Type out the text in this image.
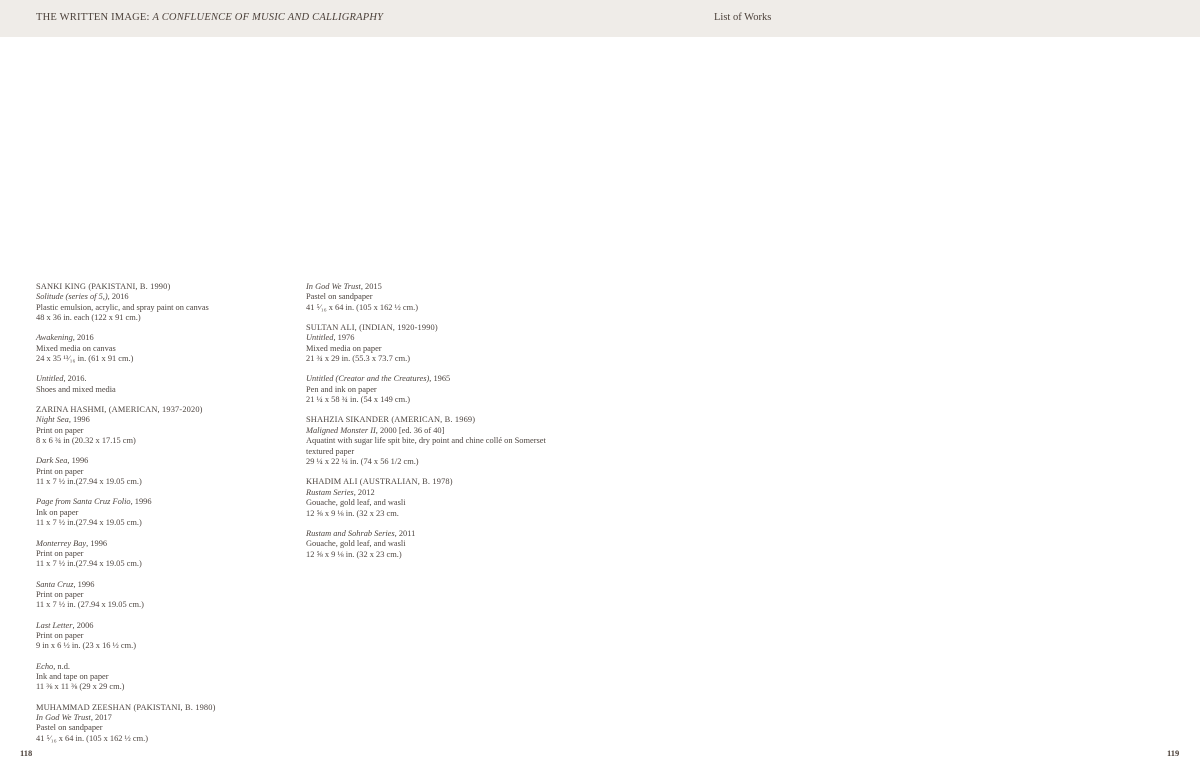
THE WRITTEN IMAGE: A CONFLUENCE OF MUSIC AND CALLIGRAPHY	List of Works
SANKI KING (PAKISTANI, B. 1990)
Solitude (series of 5,), 2016
Plastic emulsion, acrylic, and spray paint on canvas
48 x 36 in. each (122 x 91 cm.)
Awakening, 2016
Mixed media on canvas
24 x 35 ¹³⁄₁₆ in. (61 x 91 cm.)
Untitled, 2016.
Shoes and mixed media
ZARINA HASHMI, (AMERICAN, 1937-2020)
Night Sea, 1996
Print on paper
8 x 6 ¾ in (20.32 x 17.15 cm)
Dark Sea, 1996
Print on paper
11 x 7 ½ in.(27.94 x 19.05 cm.)
Page from Santa Cruz Folio, 1996
Ink on paper
11 x 7 ½ in.(27.94 x 19.05 cm.)
Monterrey Bay, 1996
Print on paper
11 x 7 ½ in.(27.94 x 19.05 cm.)
Santa Cruz, 1996
Print on paper
11 x 7 ½ in. (27.94 x 19.05 cm.)
Last Letter, 2006
Print on paper
9 in x 6 ½ in. (23 x 16 ½ cm.)
Echo, n.d.
Ink and tape on paper
11 ⅜ x 11 ⅜ (29 x 29 cm.)
MUHAMMAD ZEESHAN (PAKISTANI, B. 1980)
In God We Trust, 2017
Pastel on sandpaper
41 ⁵⁄₁₆ x 64 in. (105 x 162 ½ cm.)
In God We Trust, 2015
Pastel on sandpaper
41 ⁵⁄₁₆ x 64 in. (105 x 162 ½ cm.)
SULTAN ALI, (INDIAN, 1920-1990)
Untitled, 1976
Mixed media on paper
21 ¾ x 29 in. (55.3 x 73.7 cm.)
Untitled (Creator and the Creatures), 1965
Pen and ink on paper
21 ¼ x 58 ¾ in. (54 x 149 cm.)
SHAHZIA SIKANDER (AMERICAN, B. 1969)
Maligned Monster II, 2000 [ed. 36 of 40]
Aquatint with sugar life spit bite, dry point and chine collé on Somerset
textured paper
29 ¼ x 22 ¼ in. (74 x 56 1/2 cm.)
KHADIM ALI (AUSTRALIAN, B. 1978)
Rustam Series, 2012
Gouache, gold leaf, and wasli
12 ⅝ x 9 ⅛ in. (32 x 23 cm.
Rustam and Sohrab Series, 2011
Gouache, gold leaf, and wasli
12 ⅝ x 9 ⅛ in. (32 x 23 cm.)
118	119
